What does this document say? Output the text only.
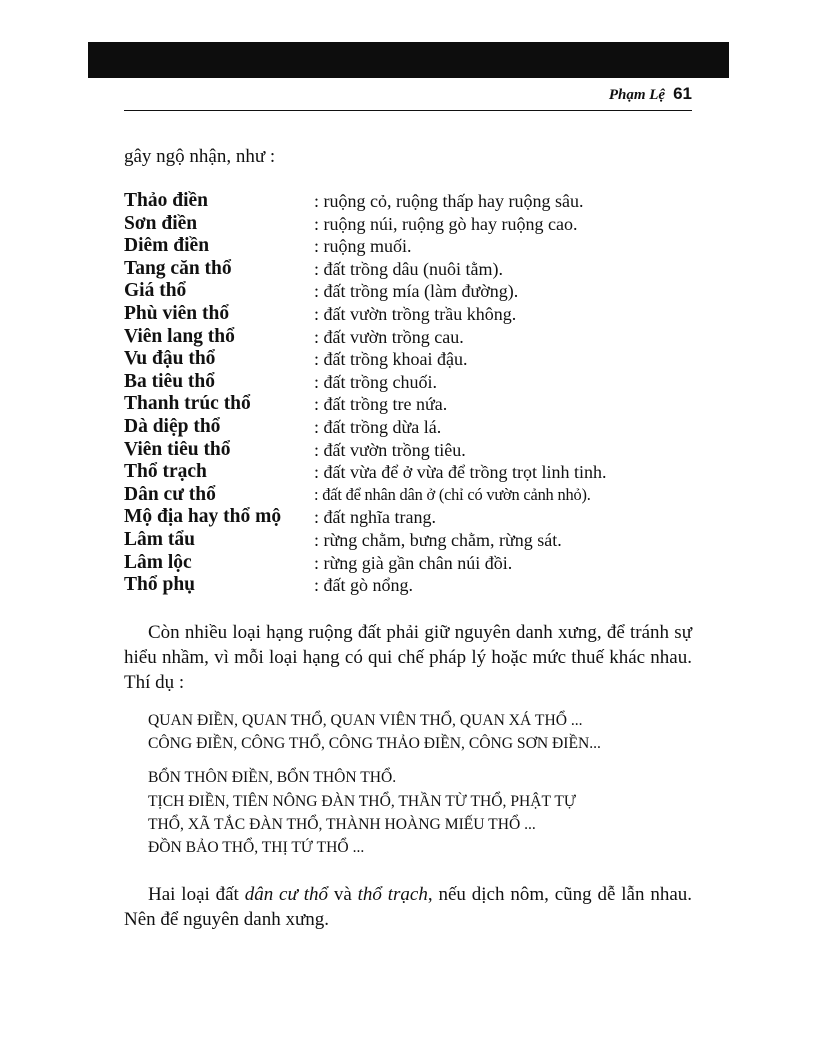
Phạm Lệ 61
gây ngộ nhận, như :
Thảo điền	: ruộng cỏ, ruộng thấp hay ruộng sâu.
Sơn điền	: ruộng núi, ruộng gò hay ruộng cao.
Diêm điền	: ruộng muối.
Tang căn thổ	: đất trồng dâu (nuôi tằm).
Giá thổ	: đất trồng mía (làm đường).
Phù viên thổ	: đất vườn trồng trầu không.
Viên lang thổ	: đất vườn trồng cau.
Vu đậu thổ	: đất trồng khoai đậu.
Ba tiêu thổ	: đất trồng chuối.
Thanh trúc thổ	: đất trồng tre nứa.
Dà diệp thổ	: đất trồng dừa lá.
Viên tiêu thổ	: đất vườn trồng tiêu.
Thổ trạch	: đất vừa để ở vừa để trồng trọt linh tinh.
Dân cư thổ	: đất để nhân dân ở (chỉ có vườn cảnh nhỏ).
Mộ địa hay thổ mộ	: đất nghĩa trang.
Lâm tẩu	: rừng chằm, bưng chằm, rừng sát.
Lâm lộc	: rừng già gần chân núi đồi.
Thổ phụ	: đất gò nổng.

Còn nhiều loại hạng ruộng đất phải giữ nguyên danh xưng, để tránh sự hiểu nhầm, vì mỗi loại hạng có qui chế pháp lý hoặc mức thuế khác nhau. Thí dụ :

QUAN ĐIỀN, QUAN THỔ, QUAN VIÊN THỔ, QUAN XÁ THỔ ...
CÔNG ĐIỀN, CÔNG THỔ, CÔNG THẢO ĐIỀN, CÔNG SƠN ĐIỀN...
BỔN THÔN ĐIỀN, BỔN THÔN THỔ.
TỊCH ĐIỀN, TIÊN NÔNG ĐÀN THỔ, THẦN TỪ THỔ, PHẬT TỰ
THỔ, XÃ TẮC ĐÀN THỔ, THÀNH HOÀNG MIẾU THỔ ...
ĐỒN BẢO THỔ, THỊ TỨ THỔ ...

Hai loại đất dân cư thổ và thổ trạch, nếu dịch nôm, cũng dễ lẫn nhau. Nên để nguyên danh xưng.
